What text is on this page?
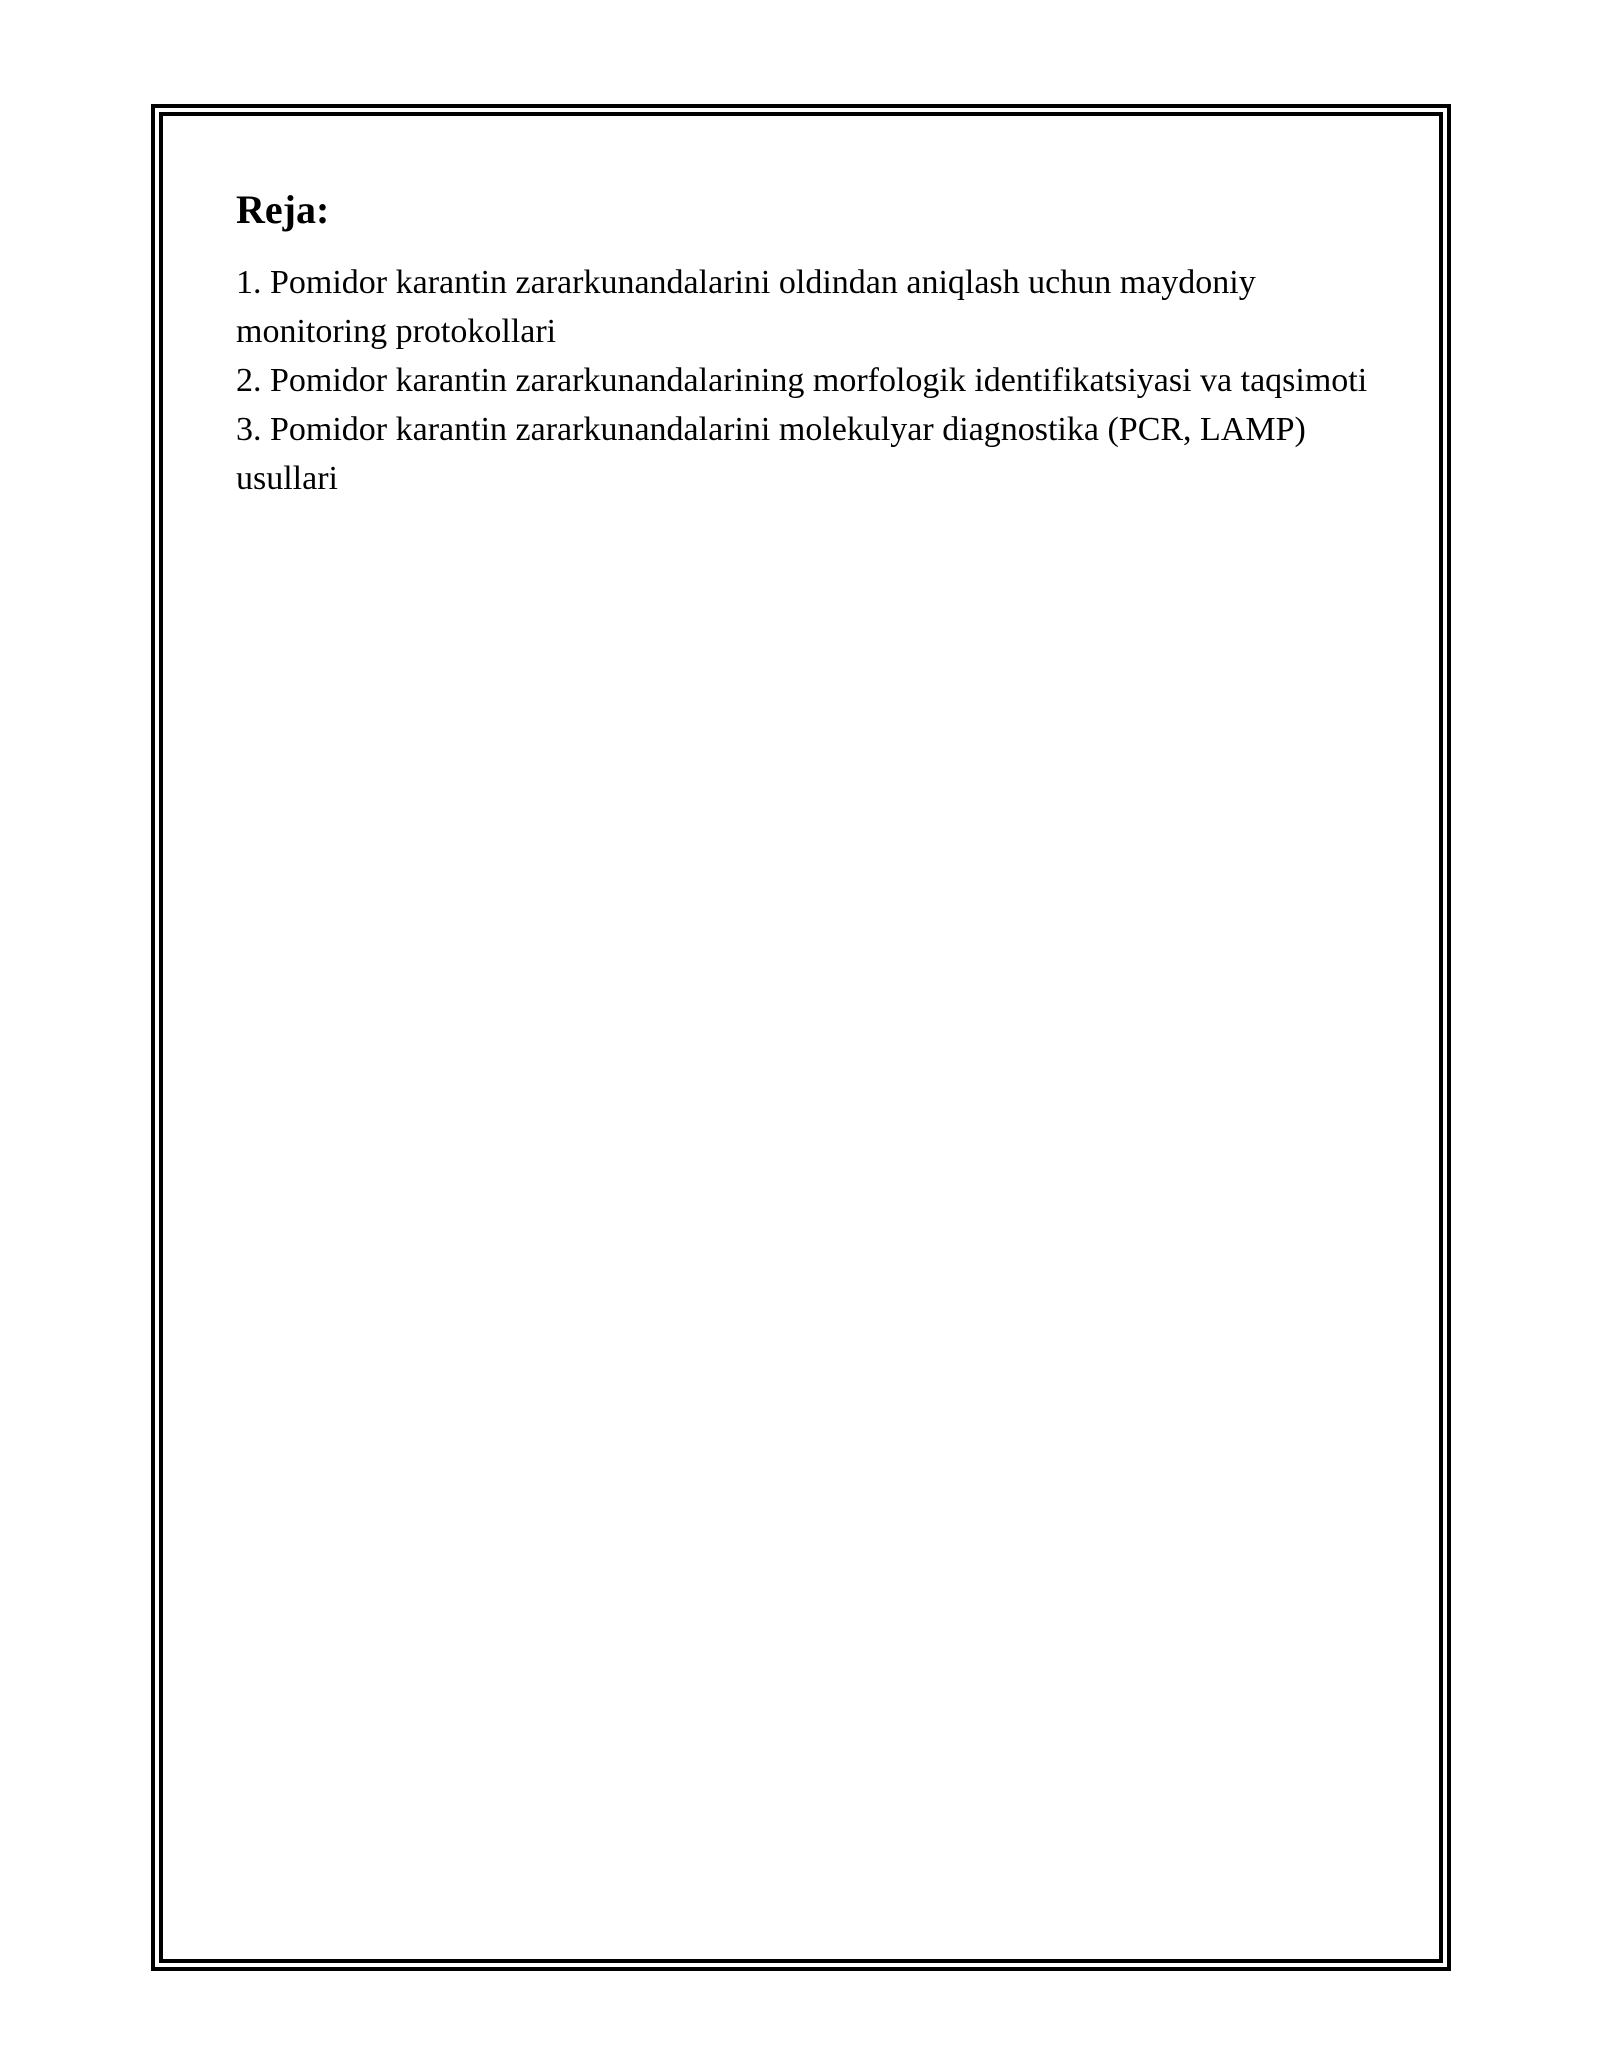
Reja:
1. Pomidor karantin zararkunandalarini oldindan aniqlash uchun maydoniy monitoring protokollari
2. Pomidor karantin zararkunandalarining morfologik identifikatsiyasi va taqsimoti
3. Pomidor karantin zararkunandalarini molekulyar diagnostika (PCR, LAMP) usullari
